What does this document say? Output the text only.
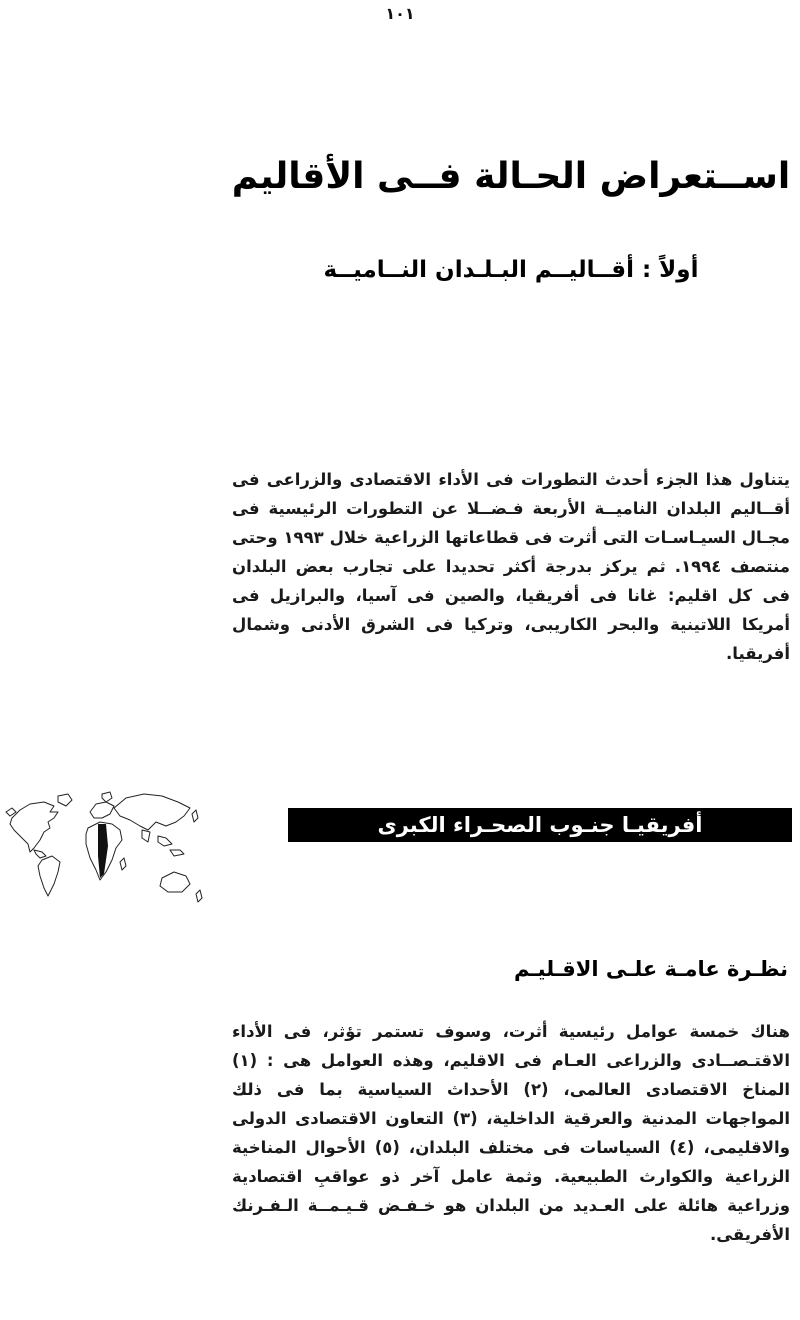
١٠١
اســتعراض الحـالة فــى الأقاليم
أولاً : أقــاليــم البـلـدان النــاميــة

يتناول هذا الجزء أحدث التطورات فى الأداء الاقتصادى والزراعى فى أقــاليم البلدان الناميــة الأربعة فـضــلا عن التطورات الرئيسية فى مجـال السيـاسـات التى أثرت فى قطاعاتها الزراعية خلال ١٩٩٣ وحتى منتصف ١٩٩٤. ثم يركز بدرجة أكثر تحديدا على تجارب بعض البلدان فى كل اقليم: غانا فى أفريقيا، والصين فى آسيا، والبرازيل فى أمريكا اللاتينية والبحر الكاريبى، وتركيا فى الشرق الأدنى وشمال أفريقيا.

أفريقيـا جنـوب الصحـراء الكبرى
نظـرة عامـة علـى الاقـليـم

هناك خمسة عوامل رئيسية أثرت، وسوف تستمر تؤثر، فى الأداء الاقتـصــادى والزراعى العـام فى الاقليم، وهذه العوامل هى : (١) المناخ الاقتصادى العالمى، (٢) الأحداث السياسية بما فى ذلك المواجهات المدنية والعرقية الداخلية، (٣) التعاون الاقتصادى الدولى والاقليمى، (٤) السياسات فى مختلف البلدان، (٥) الأحوال المناخية الزراعية والكوارث الطبيعية. وثمة عامل آخر ذو عواقبِ اقتصادية وزراعية هائلة على العـديد من البلدان هو خـفـض قـيـمــة الـفـرنك الأفريقى.
